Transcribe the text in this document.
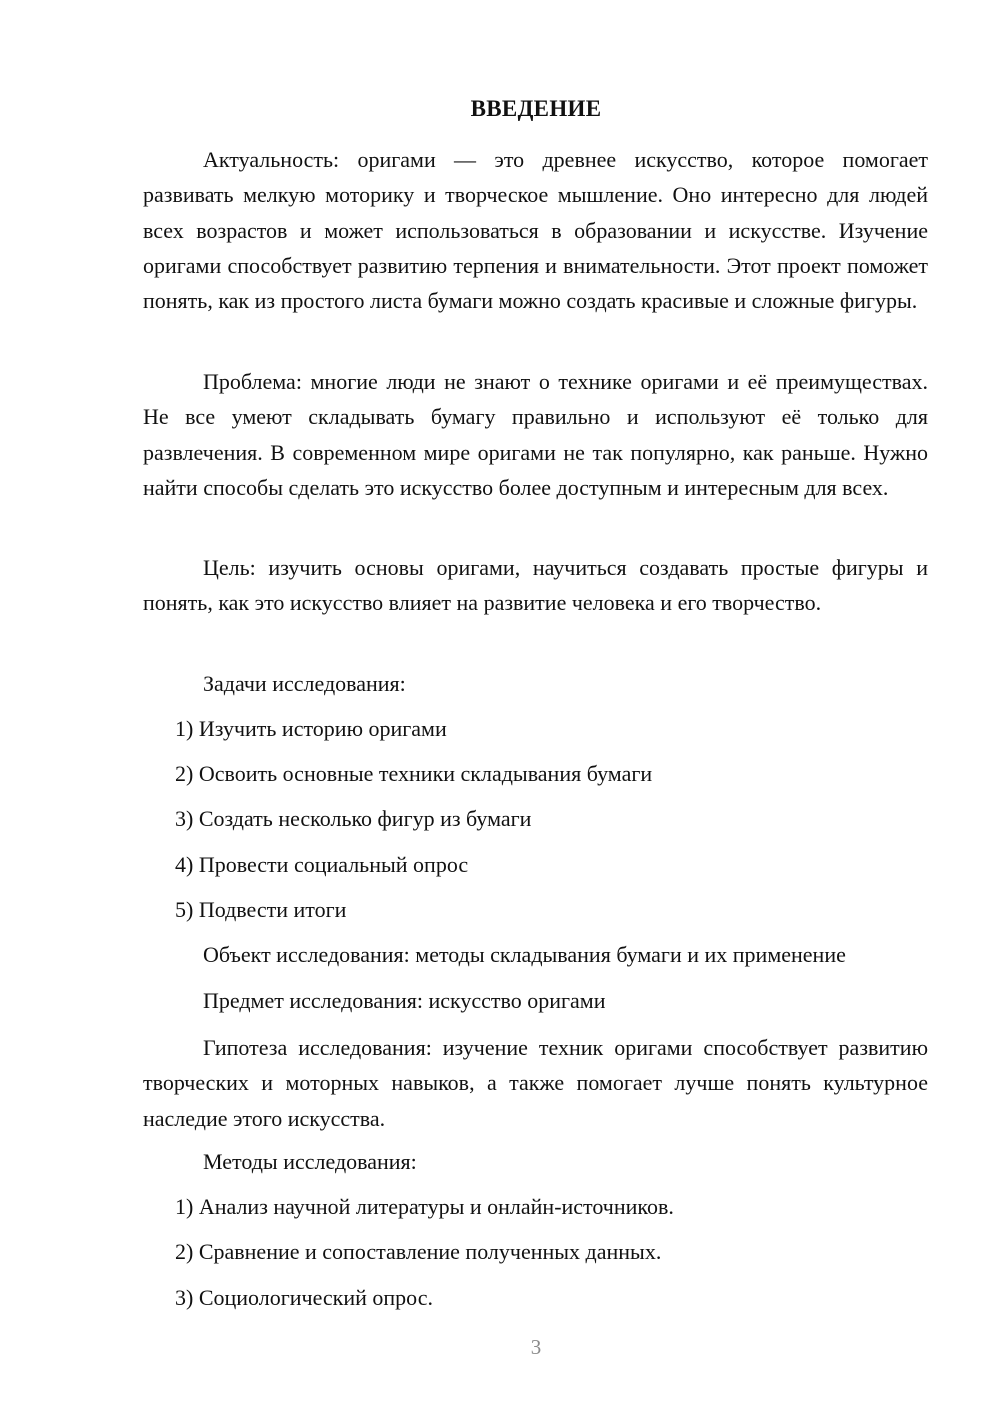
ВВЕДЕНИЕ
Актуальность: оригами — это древнее искусство, которое помогает развивать мелкую моторику и творческое мышление. Оно интересно для людей всех возрастов и может использоваться в образовании и искусстве. Изучение оригами способствует развитию терпения и внимательности. Этот проект поможет понять, как из простого листа бумаги можно создать красивые и сложные фигуры.
Проблема: многие люди не знают о технике оригами и её преимуществах. Не все умеют складывать бумагу правильно и используют её только для развлечения. В современном мире оригами не так популярно, как раньше. Нужно найти способы сделать это искусство более доступным и интересным для всех.
Цель: изучить основы оригами, научиться создавать простые фигуры и понять, как это искусство влияет на развитие человека и его творчество.
Задачи исследования:
1) Изучить историю оригами
2) Освоить основные техники складывания бумаги
3) Создать несколько фигур из бумаги
4) Провести социальный опрос
5) Подвести итоги
Объект исследования: методы складывания бумаги и их применение
Предмет исследования: искусство оригами
Гипотеза исследования: изучение техник оригами способствует развитию творческих и моторных навыков, а также помогает лучше понять культурное наследие этого искусства.
Методы исследования:
1) Анализ научной литературы и онлайн-источников.
2) Сравнение и сопоставление полученных данных.
3) Социологический опрос.
3
